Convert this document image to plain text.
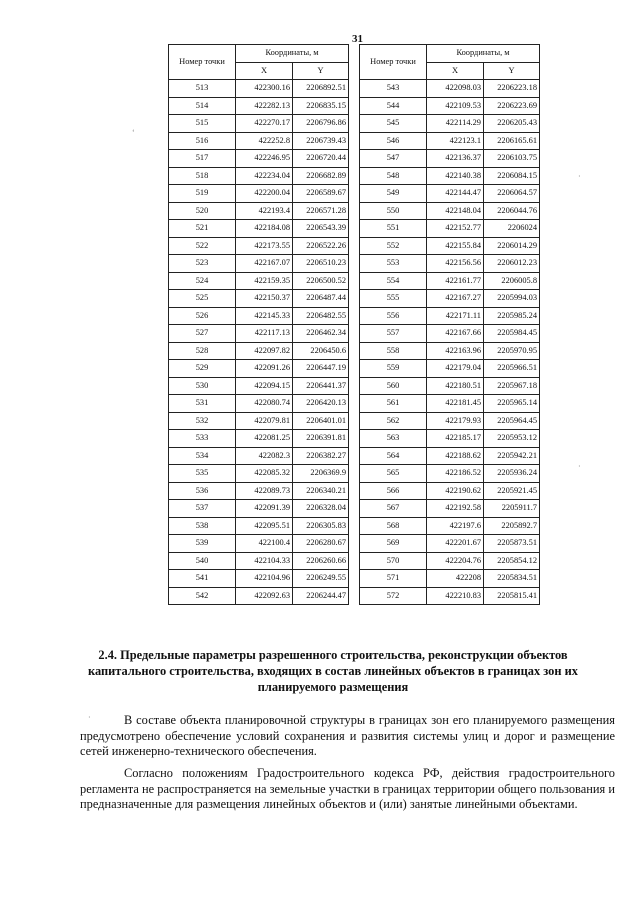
31
Номер точки	Координаты, м	
	X	Y
513	422300.16	2206892.51
514	422282.13	2206835.15
515	422270.17	2206796.86
516	422252.8	2206739.43
517	422246.95	2206720.44
518	422234.04	2206682.89
519	422200.04	2206589.67
520	422193.4	2206571.28
521	422184.08	2206543.39
522	422173.55	2206522.26
523	422167.07	2206510.23
524	422159.35	2206500.52
525	422150.37	2206487.44
526	422145.33	2206482.55
527	422117.13	2206462.34
528	422097.82	2206450.6
529	422091.26	2206447.19
530	422094.15	2206441.37
531	422080.74	2206420.13
532	422079.81	2206401.01
533	422081.25	2206391.81
534	422082.3	2206382.27
535	422085.32	2206369.9
536	422089.73	2206340.21
537	422091.39	2206328.04
538	422095.51	2206305.83
539	422100.4	2206280.67
540	422104.33	2206260.66
541	422104.96	2206249.55
542	422092.63	2206244.47
Номер точки	Координаты, м	
	X	Y
543	422098.03	2206223.18
544	422109.53	2206223.69
545	422114.29	2206205.43
546	422123.1	2206165.61
547	422136.37	2206103.75
548	422140.38	2206084.15
549	422144.47	2206064.57
550	422148.04	2206044.76
551	422152.77	2206024
552	422155.84	2206014.29
553	422156.56	2206012.23
554	422161.77	2206005.8
555	422167.27	2205994.03
556	422171.11	2205985.24
557	422167.66	2205984.45
558	422163.96	2205970.95
559	422179.04	2205966.51
560	422180.51	2205967.18
561	422181.45	2205965.14
562	422179.93	2205964.45
563	422185.17	2205953.12
564	422188.62	2205942.21
565	422186.52	2205936.24
566	422190.62	2205921.45
567	422192.58	2205911.7
568	422197.6	2205892.7
569	422201.67	2205873.51
570	422204.76	2205854.12
571	422208	2205834.51
572	422210.83	2205815.41
2.4. Предельные параметры разрешенного строительства, реконструкции объектов капитального строительства, входящих в состав линейных объектов в границах зон их планируемого размещения

В составе объекта планировочной структуры в границах зон его планируемого размещения предусмотрено обеспечение условий сохранения и развития системы улиц и дорог и размещение сетей инженерно-технического обеспечения.

Согласно положениям Градостроительного кодекса РФ, действия градостроительного регламента не распространяется на земельные участки в границах территории общего пользования и предназначенные для размещения линейных объектов и (или) занятые линейными объектами.

‘
·
·
·
